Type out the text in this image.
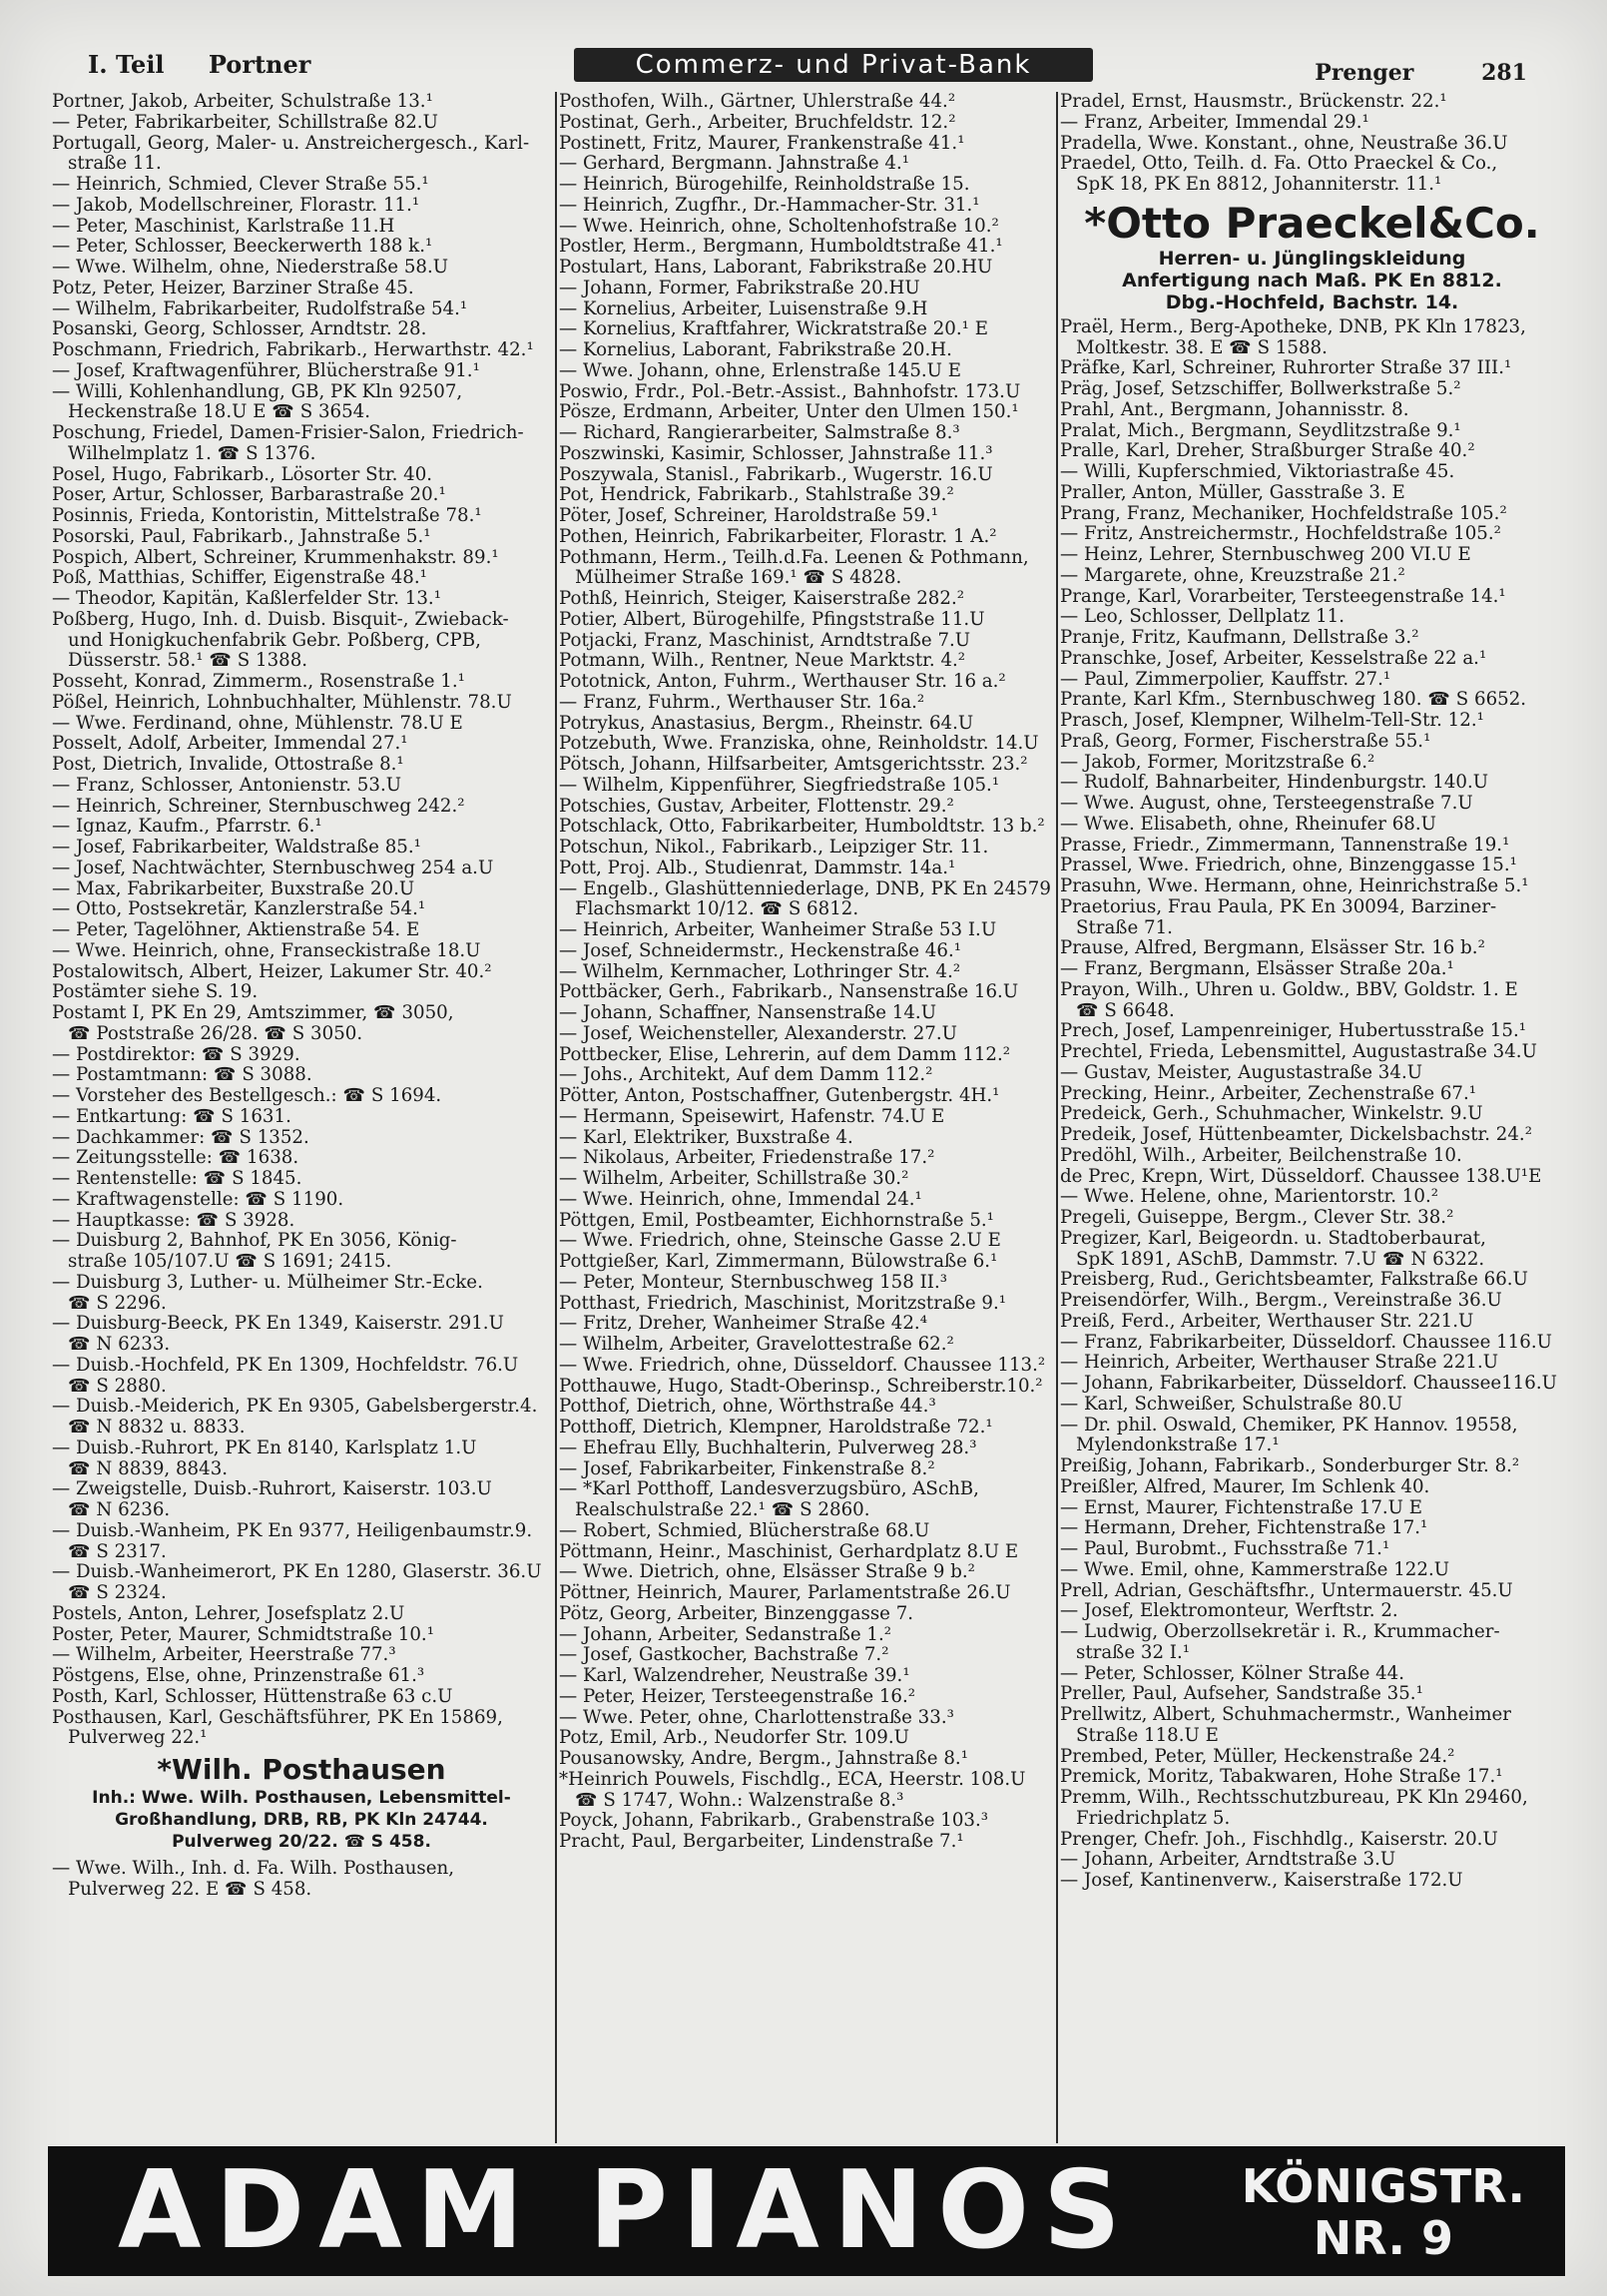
I. Teil Portner	Commerz- und Privat-Bank	Prenger	281
Portner, Jakob, Arbeiter, Schulstraße 13.¹
— Peter, Fabrikarbeiter, Schillstraße 82.U
Portugall, Georg, Maler- u. Anstreichergesch., Karl-
straße 11.
— Heinrich, Schmied, Clever Straße 55.¹
— Jakob, Modellschreiner, Florastr. 11.¹
— Peter, Maschinist, Karlstraße 11.H
— Peter, Schlosser, Beeckerwerth 188 k.¹
— Wwe. Wilhelm, ohne, Niederstraße 58.U
Potz, Peter, Heizer, Barziner Straße 45.
— Wilhelm, Fabrikarbeiter, Rudolfstraße 54.¹
Posanski, Georg, Schlosser, Arndtstr. 28.
Poschmann, Friedrich, Fabrikarb., Herwarthstr. 42.¹
— Josef, Kraftwagenführer, Blücherstraße 91.¹
— Willi, Kohlenhandlung, GB, PK Kln 92507,
Heckenstraße 18.U E ☎ S 3654.
Poschung, Friedel, Damen-Frisier-Salon, Friedrich-
Wilhelmplatz 1. ☎ S 1376.
Posel, Hugo, Fabrikarb., Lösorter Str. 40.
Poser, Artur, Schlosser, Barbarastraße 20.¹
Posinnis, Frieda, Kontoristin, Mittelstraße 78.¹
Posorski, Paul, Fabrikarb., Jahnstraße 5.¹
Pospich, Albert, Schreiner, Krummenhakstr. 89.¹
Poß, Matthias, Schiffer, Eigenstraße 48.¹
— Theodor, Kapitän, Kaßlerfelder Str. 13.¹
Poßberg, Hugo, Inh. d. Duisb. Bisquit-, Zwieback-
und Honigkuchenfabrik Gebr. Poßberg, CPB,
Düsserstr. 58.¹ ☎ S 1388.
Posseht, Konrad, Zimmerm., Rosenstraße 1.¹
Pößel, Heinrich, Lohnbuchhalter, Mühlenstr. 78.U
— Wwe. Ferdinand, ohne, Mühlenstr. 78.U E
Posselt, Adolf, Arbeiter, Immendal 27.¹
Post, Dietrich, Invalide, Ottostraße 8.¹
— Franz, Schlosser, Antonienstr. 53.U
— Heinrich, Schreiner, Sternbuschweg 242.²
— Ignaz, Kaufm., Pfarrstr. 6.¹
— Josef, Fabrikarbeiter, Waldstraße 85.¹
— Josef, Nachtwächter, Sternbuschweg 254 a.U
— Max, Fabrikarbeiter, Buxstraße 20.U
— Otto, Postsekretär, Kanzlerstraße 54.¹
— Peter, Tagelöhner, Aktienstraße 54. E
— Wwe. Heinrich, ohne, Franseckistraße 18.U
Postalowitsch, Albert, Heizer, Lakumer Str. 40.²
Postämter siehe S. 19.
Postamt I, PK En 29, Amtszimmer, ☎ 3050,
☎ Poststraße 26/28. ☎ S 3050.
— Postdirektor: ☎ S 3929.
— Postamtmann: ☎ S 3088.
— Vorsteher des Bestellgesch.: ☎ S 1694.
— Entkartung: ☎ S 1631.
— Dachkammer: ☎ S 1352.
— Zeitungsstelle: ☎ 1638.
— Rentenstelle: ☎ S 1845.
— Kraftwagenstelle: ☎ S 1190.
— Hauptkasse: ☎ S 3928.
— Duisburg 2, Bahnhof, PK En 3056, König-
straße 105/107.U ☎ S 1691; 2415.
— Duisburg 3, Luther- u. Mülheimer Str.-Ecke.
☎ S 2296.
— Duisburg-Beeck, PK En 1349, Kaiserstr. 291.U
☎ N 6233.
— Duisb.-Hochfeld, PK En 1309, Hochfeldstr. 76.U
☎ S 2880.
— Duisb.-Meiderich, PK En 9305, Gabelsbergerstr.4.
☎ N 8832 u. 8833.
— Duisb.-Ruhrort, PK En 8140, Karlsplatz 1.U
☎ N 8839, 8843.
— Zweigstelle, Duisb.-Ruhrort, Kaiserstr. 103.U
☎ N 6236.
— Duisb.-Wanheim, PK En 9377, Heiligenbaumstr.9.
☎ S 2317.
— Duisb.-Wanheimerort, PK En 1280, Glaserstr. 36.U
☎ S 2324.
Postels, Anton, Lehrer, Josefsplatz 2.U
Poster, Peter, Maurer, Schmidtstraße 10.¹
— Wilhelm, Arbeiter, Heerstraße 77.³
Pöstgens, Else, ohne, Prinzenstraße 61.³
Posth, Karl, Schlosser, Hüttenstraße 63 c.U
Posthausen, Karl, Geschäftsführer, PK En 15869,
Pulverweg 22.¹
*Wilh. Posthausen
Inh.: Wwe. Wilh. Posthausen, Lebensmittel-
Großhandlung, DRB, RB, PK Kln 24744.
Pulverweg 20/22. ☎ S 458.
— Wwe. Wilh., Inh. d. Fa. Wilh. Posthausen,
Pulverweg 22. E ☎ S 458.
Posthofen, Wilh., Gärtner, Uhlerstraße 44.²
Postinat, Gerh., Arbeiter, Bruchfeldstr. 12.²
Postinett, Fritz, Maurer, Frankenstraße 41.¹
— Gerhard, Bergmann. Jahnstraße 4.¹
— Heinrich, Bürogehilfe, Reinholdstraße 15.
— Heinrich, Zugfhr., Dr.-Hammacher-Str. 31.¹
— Wwe. Heinrich, ohne, Scholtenhofstraße 10.²
Postler, Herm., Bergmann, Humboldtstraße 41.¹
Postulart, Hans, Laborant, Fabrikstraße 20.HU
— Johann, Former, Fabrikstraße 20.HU
— Kornelius, Arbeiter, Luisenstraße 9.H
— Kornelius, Kraftfahrer, Wickratstraße 20.¹ E
— Kornelius, Laborant, Fabrikstraße 20.H.
— Wwe. Johann, ohne, Erlenstraße 145.U E
Poswio, Frdr., Pol.-Betr.-Assist., Bahnhofstr. 173.U
Pösze, Erdmann, Arbeiter, Unter den Ulmen 150.¹
— Richard, Rangierarbeiter, Salmstraße 8.³
Poszwinski, Kasimir, Schlosser, Jahnstraße 11.³
Poszywala, Stanisl., Fabrikarb., Wugerstr. 16.U
Pot, Hendrick, Fabrikarb., Stahlstraße 39.²
Pöter, Josef, Schreiner, Haroldstraße 59.¹
Pothen, Heinrich, Fabrikarbeiter, Florastr. 1 A.²
Pothmann, Herm., Teilh.d.Fa. Leenen & Pothmann,
Mülheimer Straße 169.¹ ☎ S 4828.
Pothß, Heinrich, Steiger, Kaiserstraße 282.²
Potier, Albert, Bürogehilfe, Pfingststraße 11.U
Potjacki, Franz, Maschinist, Arndtstraße 7.U
Potmann, Wilh., Rentner, Neue Marktstr. 4.²
Pototnick, Anton, Fuhrm., Werthauser Str. 16 a.²
— Franz, Fuhrm., Werthauser Str. 16a.²
Potrykus, Anastasius, Bergm., Rheinstr. 64.U
Potzebuth, Wwe. Franziska, ohne, Reinholdstr. 14.U
Pötsch, Johann, Hilfsarbeiter, Amtsgerichtsstr. 23.²
— Wilhelm, Kippenführer, Siegfriedstraße 105.¹
Potschies, Gustav, Arbeiter, Flottenstr. 29.²
Potschlack, Otto, Fabrikarbeiter, Humboldtstr. 13 b.²
Potschun, Nikol., Fabrikarb., Leipziger Str. 11.
Pott, Proj. Alb., Studienrat, Dammstr. 14a.¹
— Engelb., Glashüttenniederlage, DNB, PK En 24579
Flachsmarkt 10/12. ☎ S 6812.
— Heinrich, Arbeiter, Wanheimer Straße 53 I.U
— Josef, Schneidermstr., Heckenstraße 46.¹
— Wilhelm, Kernmacher, Lothringer Str. 4.²
Pottbäcker, Gerh., Fabrikarb., Nansenstraße 16.U
— Johann, Schaffner, Nansenstraße 14.U
— Josef, Weichensteller, Alexanderstr. 27.U
Pottbecker, Elise, Lehrerin, auf dem Damm 112.²
— Johs., Architekt, Auf dem Damm 112.²
Pötter, Anton, Postschaffner, Gutenbergstr. 4H.¹
— Hermann, Speisewirt, Hafenstr. 74.U E
— Karl, Elektriker, Buxstraße 4.
— Nikolaus, Arbeiter, Friedenstraße 17.²
— Wilhelm, Arbeiter, Schillstraße 30.²
— Wwe. Heinrich, ohne, Immendal 24.¹
Pöttgen, Emil, Postbeamter, Eichhornstraße 5.¹
— Wwe. Friedrich, ohne, Steinsche Gasse 2.U E
Pottgießer, Karl, Zimmermann, Bülowstraße 6.¹
— Peter, Monteur, Sternbuschweg 158 II.³
Potthast, Friedrich, Maschinist, Moritzstraße 9.¹
— Fritz, Dreher, Wanheimer Straße 42.⁴
— Wilhelm, Arbeiter, Gravelottestraße 62.²
— Wwe. Friedrich, ohne, Düsseldorf. Chaussee 113.²
Potthauwe, Hugo, Stadt-Oberinsp., Schreiberstr.10.²
Potthof, Dietrich, ohne, Wörthstraße 44.³
Potthoff, Dietrich, Klempner, Haroldstraße 72.¹
— Ehefrau Elly, Buchhalterin, Pulverweg 28.³
— Josef, Fabrikarbeiter, Finkenstraße 8.²
— *Karl Potthoff, Landesverzugsbüro, ASchB,
Realschulstraße 22.¹ ☎ S 2860.
— Robert, Schmied, Blücherstraße 68.U
Pöttmann, Heinr., Maschinist, Gerhardplatz 8.U E
— Wwe. Dietrich, ohne, Elsässer Straße 9 b.²
Pöttner, Heinrich, Maurer, Parlamentstraße 26.U
Pötz, Georg, Arbeiter, Binzenggasse 7.
— Johann, Arbeiter, Sedanstraße 1.²
— Josef, Gastkocher, Bachstraße 7.²
— Karl, Walzendreher, Neustraße 39.¹
— Peter, Heizer, Tersteegenstraße 16.²
— Wwe. Peter, ohne, Charlottenstraße 33.³
Potz, Emil, Arb., Neudorfer Str. 109.U
Pousanowsky, Andre, Bergm., Jahnstraße 8.¹
*Heinrich Pouwels, Fischdlg., ECA, Heerstr. 108.U
☎ S 1747, Wohn.: Walzenstraße 8.³
Poyck, Johann, Fabrikarb., Grabenstraße 103.³
Pracht, Paul, Bergarbeiter, Lindenstraße 7.¹
Pradel, Ernst, Hausmstr., Brückenstr. 22.¹
— Franz, Arbeiter, Immendal 29.¹
Pradella, Wwe. Konstant., ohne, Neustraße 36.U
Praedel, Otto, Teilh. d. Fa. Otto Praeckel & Co.,
SpK 18, PK En 8812, Johanniterstr. 11.¹
*Otto Praeckel&Co.
Herren- u. Jünglingskleidung
Anfertigung nach Maß. PK En 8812.
Dbg.-Hochfeld, Bachstr. 14.
Praël, Herm., Berg-Apotheke, DNB, PK Kln 17823,
Moltkestr. 38. E ☎ S 1588.
Präfke, Karl, Schreiner, Ruhrorter Straße 37 III.¹
Präg, Josef, Setzschiffer, Bollwerkstraße 5.²
Prahl, Ant., Bergmann, Johannisstr. 8.
Pralat, Mich., Bergmann, Seydlitzstraße 9.¹
Pralle, Karl, Dreher, Straßburger Straße 40.²
— Willi, Kupferschmied, Viktoriastraße 45.
Praller, Anton, Müller, Gasstraße 3. E
Prang, Franz, Mechaniker, Hochfeldstraße 105.²
— Fritz, Anstreichermstr., Hochfeldstraße 105.²
— Heinz, Lehrer, Sternbuschweg 200 VI.U E
— Margarete, ohne, Kreuzstraße 21.²
Prange, Karl, Vorarbeiter, Tersteegenstraße 14.¹
— Leo, Schlosser, Dellplatz 11.
Pranje, Fritz, Kaufmann, Dellstraße 3.²
Pranschke, Josef, Arbeiter, Kesselstraße 22 a.¹
— Paul, Zimmerpolier, Kauffstr. 27.¹
Prante, Karl Kfm., Sternbuschweg 180. ☎ S 6652.
Prasch, Josef, Klempner, Wilhelm-Tell-Str. 12.¹
Praß, Georg, Former, Fischerstraße 55.¹
— Jakob, Former, Moritzstraße 6.²
— Rudolf, Bahnarbeiter, Hindenburgstr. 140.U
— Wwe. August, ohne, Tersteegenstraße 7.U
— Wwe. Elisabeth, ohne, Rheinufer 68.U
Prasse, Friedr., Zimmermann, Tannenstraße 19.¹
Prassel, Wwe. Friedrich, ohne, Binzenggasse 15.¹
Prasuhn, Wwe. Hermann, ohne, Heinrichstraße 5.¹
Praetorius, Frau Paula, PK En 30094, Barziner-
Straße 71.
Prause, Alfred, Bergmann, Elsässer Str. 16 b.²
— Franz, Bergmann, Elsässer Straße 20a.¹
Prayon, Wilh., Uhren u. Goldw., BBV, Goldstr. 1. E
☎ S 6648.
Prech, Josef, Lampenreiniger, Hubertusstraße 15.¹
Prechtel, Frieda, Lebensmittel, Augustastraße 34.U
— Gustav, Meister, Augustastraße 34.U
Precking, Heinr., Arbeiter, Zechenstraße 67.¹
Predeick, Gerh., Schuhmacher, Winkelstr. 9.U
Predeik, Josef, Hüttenbeamter, Dickelsbachstr. 24.²
Predöhl, Wilh., Arbeiter, Beilchenstraße 10.
de Prec, Krepn, Wirt, Düsseldorf. Chaussee 138.U¹E
— Wwe. Helene, ohne, Marientorstr. 10.²
Pregeli, Guiseppe, Bergm., Clever Str. 38.²
Pregizer, Karl, Beigeordn. u. Stadtoberbaurat,
SpK 1891, ASchB, Dammstr. 7.U ☎ N 6322.
Preisberg, Rud., Gerichtsbeamter, Falkstraße 66.U
Preisendörfer, Wilh., Bergm., Vereinstraße 36.U
Preiß, Ferd., Arbeiter, Werthauser Str. 221.U
— Franz, Fabrikarbeiter, Düsseldorf. Chaussee 116.U
— Heinrich, Arbeiter, Werthauser Straße 221.U
— Johann, Fabrikarbeiter, Düsseldorf. Chaussee116.U
— Karl, Schweißer, Schulstraße 80.U
— Dr. phil. Oswald, Chemiker, PK Hannov. 19558,
Mylendonkstraße 17.¹
Preißig, Johann, Fabrikarb., Sonderburger Str. 8.²
Preißler, Alfred, Maurer, Im Schlenk 40.
— Ernst, Maurer, Fichtenstraße 17.U E
— Hermann, Dreher, Fichtenstraße 17.¹
— Paul, Burobmt., Fuchsstraße 71.¹
— Wwe. Emil, ohne, Kammerstraße 122.U
Prell, Adrian, Geschäftsfhr., Untermauerstr. 45.U
— Josef, Elektromonteur, Werftstr. 2.
— Ludwig, Oberzollsekretär i. R., Krummacher-
straße 32 I.¹
— Peter, Schlosser, Kölner Straße 44.
Preller, Paul, Aufseher, Sandstraße 35.¹
Prellwitz, Albert, Schuhmachermstr., Wanheimer
Straße 118.U E
Prembed, Peter, Müller, Heckenstraße 24.²
Premick, Moritz, Tabakwaren, Hohe Straße 17.¹
Premm, Wilh., Rechtsschutzbureau, PK Kln 29460,
Friedrichplatz 5.
Prenger, Chefr. Joh., Fischhdlg., Kaiserstr. 20.U
— Johann, Arbeiter, Arndtstraße 3.U
— Josef, Kantinenverw., Kaiserstraße 172.U
ADAM PIANOS KÖNIGSTR.
NR. 9
